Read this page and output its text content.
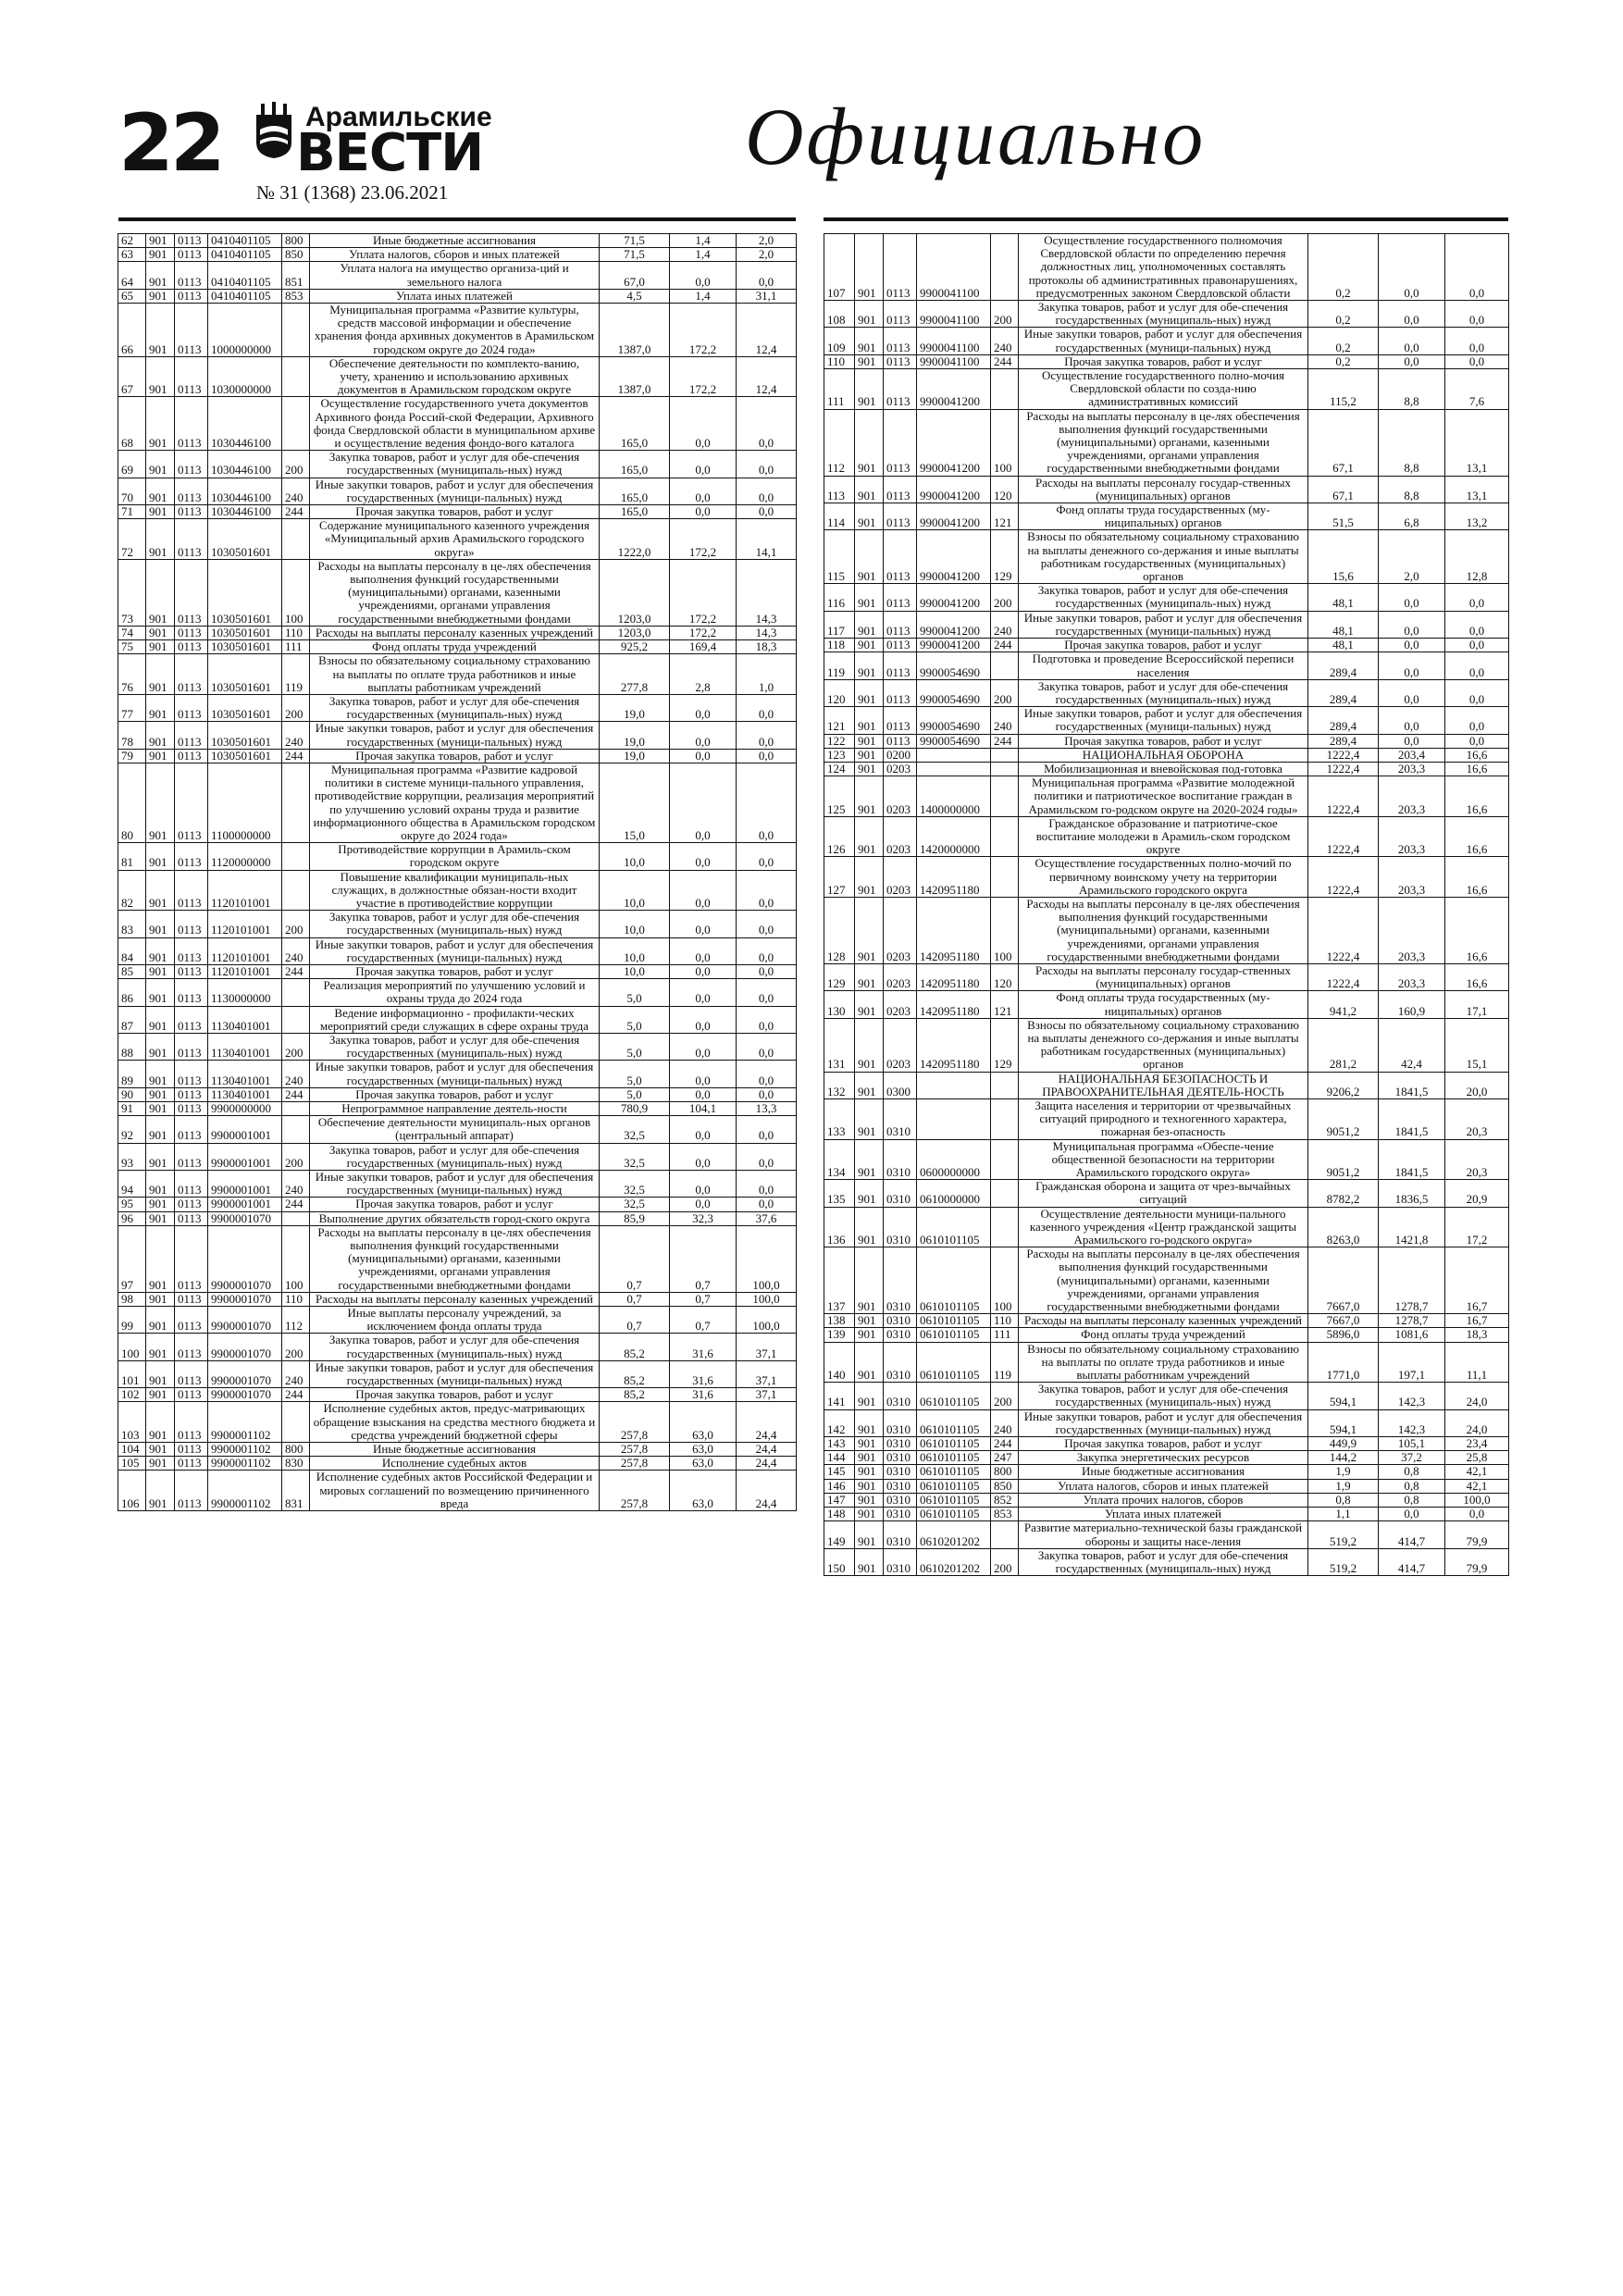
22	Арамильские
ВЕСТИ
№ 31 (1368) 23.06.2021
Официально
62	901	0113	0410401105	800	Иные бюджетные ассигнования	71,5	1,4	2,0
63	901	0113	0410401105	850	Уплата налогов, сборов и иных платежей	71,5	1,4	2,0
64	901	0113	0410401105	851	Уплата налога на имущество организа-ций и земельного налога	67,0	0,0	0,0
65	901	0113	0410401105	853	Уплата иных платежей	4,5	1,4	31,1
66	901	0113	1000000000		Муниципальная программа «Развитие культуры, средств массовой информации и обеспечение хранения фонда архивных документов в Арамильском городском округе до 2024 года»	1387,0	172,2	12,4
67	901	0113	1030000000		Обеспечение деятельности по комплекто-ванию, учету, хранению и использованию архивных документов в Арамильском городском округе	1387,0	172,2	12,4
68	901	0113	1030446100		Осуществление государственного учета документов Архивного фонда Россий-ской Федерации, Архивного фонда Свердловской области в муниципальном архиве и осуществление ведения фондо-вого каталога	165,0	0,0	0,0
69	901	0113	1030446100	200	Закупка товаров, работ и услуг для обе-спечения государственных (муниципаль-ных) нужд	165,0	0,0	0,0
70	901	0113	1030446100	240	Иные закупки товаров, работ и услуг для обеспечения государственных (муници-пальных) нужд	165,0	0,0	0,0
71	901	0113	1030446100	244	Прочая закупка товаров, работ и услуг	165,0	0,0	0,0
72	901	0113	1030501601		Содержание муниципального казенного учреждения «Муниципальный архив Арамильского городского округа»	1222,0	172,2	14,1
73	901	0113	1030501601	100	Расходы на выплаты персоналу в це-лях обеспечения выполнения функций государственными (муниципальными) органами, казенными учреждениями, органами управления государственными внебюджетными фондами	1203,0	172,2	14,3
74	901	0113	1030501601	110	Расходы на выплаты персоналу казенных учреждений	1203,0	172,2	14,3
75	901	0113	1030501601	111	Фонд оплаты труда учреждений	925,2	169,4	18,3
76	901	0113	1030501601	119	Взносы по обязательному социальному страхованию на выплаты по оплате труда работников и иные выплаты работникам учреждений	277,8	2,8	1,0
77	901	0113	1030501601	200	Закупка товаров, работ и услуг для обе-спечения государственных (муниципаль-ных) нужд	19,0	0,0	0,0
78	901	0113	1030501601	240	Иные закупки товаров, работ и услуг для обеспечения государственных (муници-пальных) нужд	19,0	0,0	0,0
79	901	0113	1030501601	244	Прочая закупка товаров, работ и услуг	19,0	0,0	0,0
80	901	0113	1100000000		Муниципальная программа «Развитие кадровой политики в системе муници-пального управления, противодействие коррупции, реализация мероприятий по улучшению условий охраны труда и развитие информационного общества в Арамильском городском округе до 2024 года»	15,0	0,0	0,0
81	901	0113	1120000000		Противодействие коррупции в Арамиль-ском городском округе	10,0	0,0	0,0
82	901	0113	1120101001		Повышение квалификации муниципаль-ных служащих, в должностные обязан-ности входит участие в противодействие коррупции	10,0	0,0	0,0
83	901	0113	1120101001	200	Закупка товаров, работ и услуг для обе-спечения государственных (муниципаль-ных) нужд	10,0	0,0	0,0
84	901	0113	1120101001	240	Иные закупки товаров, работ и услуг для обеспечения государственных (муници-пальных) нужд	10,0	0,0	0,0
85	901	0113	1120101001	244	Прочая закупка товаров, работ и услуг	10,0	0,0	0,0
86	901	0113	1130000000		Реализация мероприятий по улучшению условий и охраны труда до 2024 года	5,0	0,0	0,0
87	901	0113	1130401001		Ведение информационно - профилакти-ческих мероприятий среди служащих в сфере охраны труда	5,0	0,0	0,0
88	901	0113	1130401001	200	Закупка товаров, работ и услуг для обе-спечения государственных (муниципаль-ных) нужд	5,0	0,0	0,0
89	901	0113	1130401001	240	Иные закупки товаров, работ и услуг для обеспечения государственных (муници-пальных) нужд	5,0	0,0	0,0
90	901	0113	1130401001	244	Прочая закупка товаров, работ и услуг	5,0	0,0	0,0
91	901	0113	9900000000		Непрограммное направление деятель-ности	780,9	104,1	13,3
92	901	0113	9900001001		Обеспечение деятельности муниципаль-ных органов (центральный аппарат)	32,5	0,0	0,0
93	901	0113	9900001001	200	Закупка товаров, работ и услуг для обе-спечения государственных (муниципаль-ных) нужд	32,5	0,0	0,0
94	901	0113	9900001001	240	Иные закупки товаров, работ и услуг для обеспечения государственных (муници-пальных) нужд	32,5	0,0	0,0
95	901	0113	9900001001	244	Прочая закупка товаров, работ и услуг	32,5	0,0	0,0
96	901	0113	9900001070		Выполнение других обязательств город-ского округа	85,9	32,3	37,6
97	901	0113	9900001070	100	Расходы на выплаты персоналу в це-лях обеспечения выполнения функций государственными (муниципальными) органами, казенными учреждениями, органами управления государственными внебюджетными фондами	0,7	0,7	100,0
98	901	0113	9900001070	110	Расходы на выплаты персоналу казенных учреждений	0,7	0,7	100,0
99	901	0113	9900001070	112	Иные выплаты персоналу учреждений, за исключением фонда оплаты труда	0,7	0,7	100,0
100	901	0113	9900001070	200	Закупка товаров, работ и услуг для обе-спечения государственных (муниципаль-ных) нужд	85,2	31,6	37,1
101	901	0113	9900001070	240	Иные закупки товаров, работ и услуг для обеспечения государственных (муници-пальных) нужд	85,2	31,6	37,1
102	901	0113	9900001070	244	Прочая закупка товаров, работ и услуг	85,2	31,6	37,1
103	901	0113	9900001102		Исполнение судебных актов, предус-матривающих обращение взыскания на средства местного бюджета и средства учреждений бюджетной сферы	257,8	63,0	24,4
104	901	0113	9900001102	800	Иные бюджетные ассигнования	257,8	63,0	24,4
105	901	0113	9900001102	830	Исполнение судебных актов	257,8	63,0	24,4
106	901	0113	9900001102	831	Исполнение судебных актов Российской Федерации и мировых соглашений по возмещению причиненного вреда	257,8	63,0	24,4
107	901	0113	9900041100		Осуществление государственного полномочия Свердловской области по определению перечня должностных лиц, уполномоченных составлять протоколы об административных правонарушениях, предусмотренных законом Свердловской области	0,2	0,0	0,0
108	901	0113	9900041100	200	Закупка товаров, работ и услуг для обе-спечения государственных (муниципаль-ных) нужд	0,2	0,0	0,0
109	901	0113	9900041100	240	Иные закупки товаров, работ и услуг для обеспечения государственных (муници-пальных) нужд	0,2	0,0	0,0
110	901	0113	9900041100	244	Прочая закупка товаров, работ и услуг	0,2	0,0	0,0
111	901	0113	9900041200		Осуществление государственного полно-мочия Свердловской области по созда-нию административных комиссий	115,2	8,8	7,6
112	901	0113	9900041200	100	Расходы на выплаты персоналу в це-лях обеспечения выполнения функций государственными (муниципальными) органами, казенными учреждениями, органами управления государственными внебюджетными фондами	67,1	8,8	13,1
113	901	0113	9900041200	120	Расходы на выплаты персоналу государ-ственных (муниципальных) органов	67,1	8,8	13,1
114	901	0113	9900041200	121	Фонд оплаты труда государственных (му-ниципальных) органов	51,5	6,8	13,2
115	901	0113	9900041200	129	Взносы по обязательному социальному страхованию на выплаты денежного со-держания и иные выплаты работникам государственных (муниципальных) органов	15,6	2,0	12,8
116	901	0113	9900041200	200	Закупка товаров, работ и услуг для обе-спечения государственных (муниципаль-ных) нужд	48,1	0,0	0,0
117	901	0113	9900041200	240	Иные закупки товаров, работ и услуг для обеспечения государственных (муници-пальных) нужд	48,1	0,0	0,0
118	901	0113	9900041200	244	Прочая закупка товаров, работ и услуг	48,1	0,0	0,0
119	901	0113	9900054690		Подготовка и проведение Всероссийской переписи населения	289,4	0,0	0,0
120	901	0113	9900054690	200	Закупка товаров, работ и услуг для обе-спечения государственных (муниципаль-ных) нужд	289,4	0,0	0,0
121	901	0113	9900054690	240	Иные закупки товаров, работ и услуг для обеспечения государственных (муници-пальных) нужд	289,4	0,0	0,0
122	901	0113	9900054690	244	Прочая закупка товаров, работ и услуг	289,4	0,0	0,0
123	901	0200			НАЦИОНАЛЬНАЯ ОБОРОНА	1222,4	203,4	16,6
124	901	0203			Мобилизационная и вневойсковая под-готовка	1222,4	203,3	16,6
125	901	0203	1400000000		Муниципальная программа «Развитие молодежной политики и патриотическое воспитание граждан в Арамильском го-родском округе на 2020-2024 годы»	1222,4	203,3	16,6
126	901	0203	1420000000		Гражданское образование и патриотиче-ское воспитание молодежи в Арамиль-ском городском округе	1222,4	203,3	16,6
127	901	0203	1420951180		Осуществление государственных полно-мочий по первичному воинскому учету на территории Арамильского городского округа	1222,4	203,3	16,6
128	901	0203	1420951180	100	Расходы на выплаты персоналу в це-лях обеспечения выполнения функций государственными (муниципальными) органами, казенными учреждениями, органами управления государственными внебюджетными фондами	1222,4	203,3	16,6
129	901	0203	1420951180	120	Расходы на выплаты персоналу государ-ственных (муниципальных) органов	1222,4	203,3	16,6
130	901	0203	1420951180	121	Фонд оплаты труда государственных (му-ниципальных) органов	941,2	160,9	17,1
131	901	0203	1420951180	129	Взносы по обязательному социальному страхованию на выплаты денежного со-держания и иные выплаты работникам государственных (муниципальных) органов	281,2	42,4	15,1
132	901	0300			НАЦИОНАЛЬНАЯ БЕЗОПАСНОСТЬ И ПРАВООХРАНИТЕЛЬНАЯ ДЕЯТЕЛЬ-НОСТЬ	9206,2	1841,5	20,0
133	901	0310			Защита населения и территории от чрезвычайных ситуаций природного и техногенного характера, пожарная без-опасность	9051,2	1841,5	20,3
134	901	0310	0600000000		Муниципальная программа «Обеспе-чение общественной безопасности на территории Арамильского городского округа»	9051,2	1841,5	20,3
135	901	0310	0610000000		Гражданская оборона и защита от чрез-вычайных ситуаций	8782,2	1836,5	20,9
136	901	0310	0610101105		Осуществление деятельности муници-пального казенного учреждения «Центр гражданской защиты Арамильского го-родского округа»	8263,0	1421,8	17,2
137	901	0310	0610101105	100	Расходы на выплаты персоналу в це-лях обеспечения выполнения функций государственными (муниципальными) органами, казенными учреждениями, органами управления государственными внебюджетными фондами	7667,0	1278,7	16,7
138	901	0310	0610101105	110	Расходы на выплаты персоналу казенных учреждений	7667,0	1278,7	16,7
139	901	0310	0610101105	111	Фонд оплаты труда учреждений	5896,0	1081,6	18,3
140	901	0310	0610101105	119	Взносы по обязательному социальному страхованию на выплаты по оплате труда работников и иные выплаты работникам учреждений	1771,0	197,1	11,1
141	901	0310	0610101105	200	Закупка товаров, работ и услуг для обе-спечения государственных (муниципаль-ных) нужд	594,1	142,3	24,0
142	901	0310	0610101105	240	Иные закупки товаров, работ и услуг для обеспечения государственных (муници-пальных) нужд	594,1	142,3	24,0
143	901	0310	0610101105	244	Прочая закупка товаров, работ и услуг	449,9	105,1	23,4
144	901	0310	0610101105	247	Закупка энергетических ресурсов	144,2	37,2	25,8
145	901	0310	0610101105	800	Иные бюджетные ассигнования	1,9	0,8	42,1
146	901	0310	0610101105	850	Уплата налогов, сборов и иных платежей	1,9	0,8	42,1
147	901	0310	0610101105	852	Уплата прочих налогов, сборов	0,8	0,8	100,0
148	901	0310	0610101105	853	Уплата иных платежей	1,1	0,0	0,0
149	901	0310	0610201202		Развитие материально-технической базы гражданской обороны и защиты насе-ления	519,2	414,7	79,9
150	901	0310	0610201202	200	Закупка товаров, работ и услуг для обе-спечения государственных (муниципаль-ных) нужд	519,2	414,7	79,9
